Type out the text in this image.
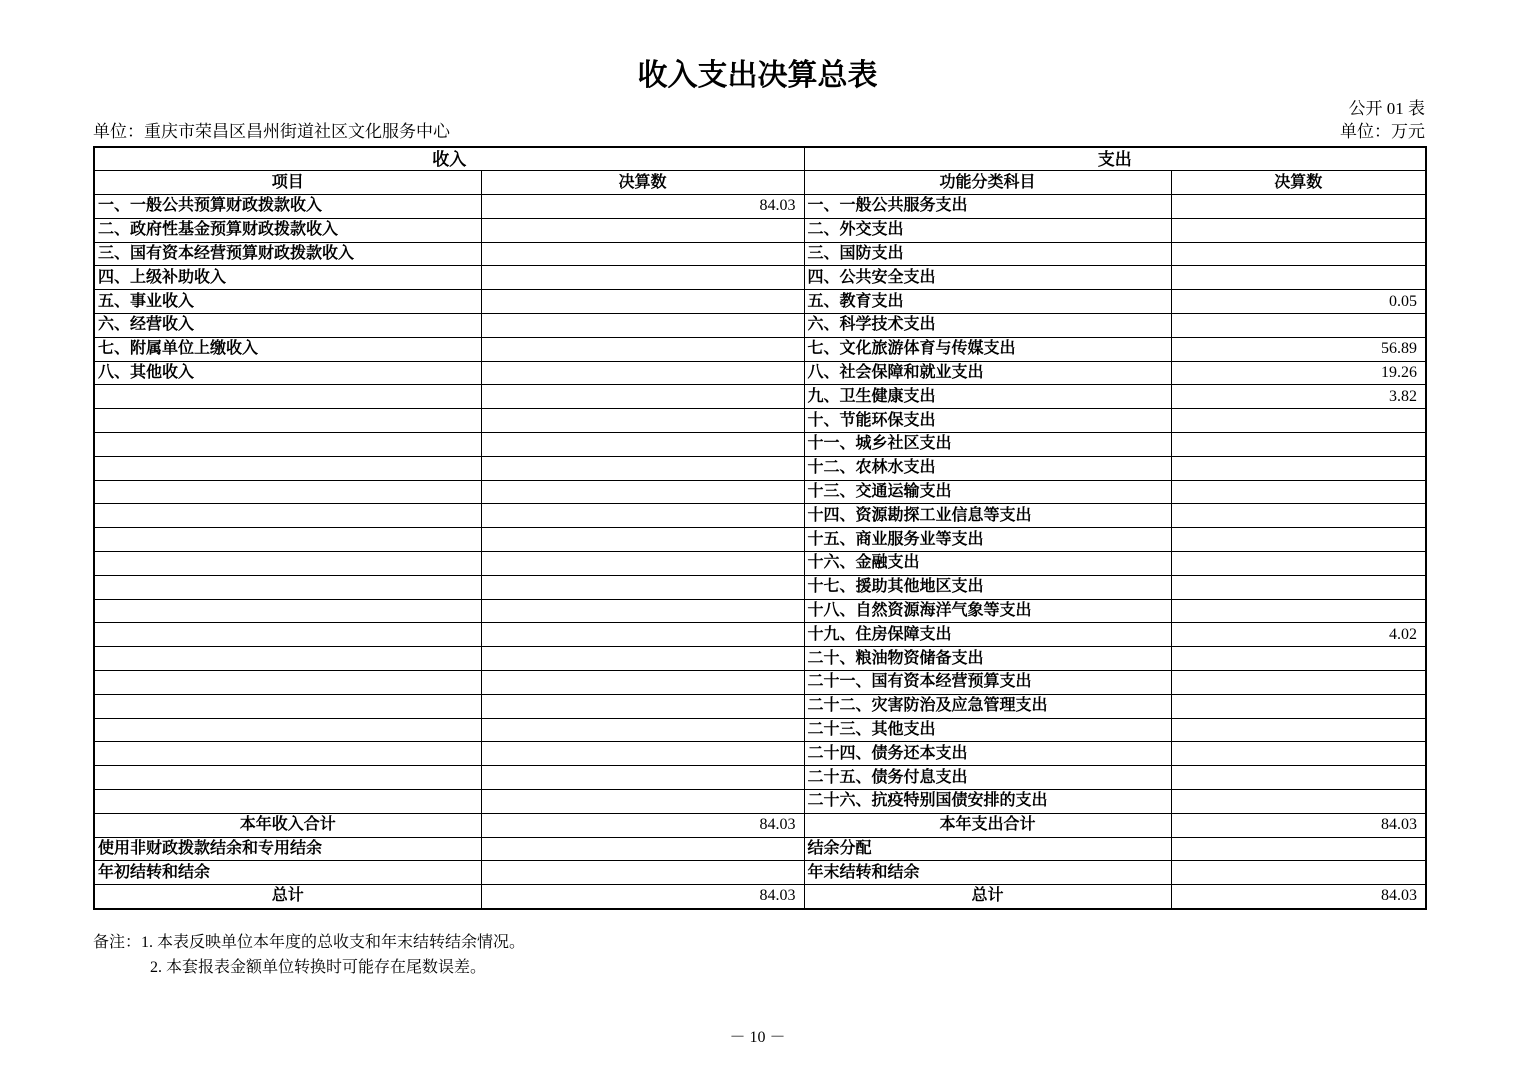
收入支出决算总表
公开 01 表
单位：重庆市荣昌区昌州街道社区文化服务中心	单位：万元
收入		支出	
项目	决算数	功能分类科目	决算数
一、一般公共预算财政拨款收入	84.03	一、一般公共服务支出	
二、政府性基金预算财政拨款收入		二、外交支出	
三、国有资本经营预算财政拨款收入		三、国防支出	
四、上级补助收入		四、公共安全支出	
五、事业收入		五、教育支出	0.05
六、经营收入		六、科学技术支出	
七、附属单位上缴收入		七、文化旅游体育与传媒支出	56.89
八、其他收入		八、社会保障和就业支出	19.26
		九、卫生健康支出	3.82
		十、节能环保支出	
		十一、城乡社区支出	
		十二、农林水支出	
		十三、交通运输支出	
		十四、资源勘探工业信息等支出	
		十五、商业服务业等支出	
		十六、金融支出	
		十七、援助其他地区支出	
		十八、自然资源海洋气象等支出	
		十九、住房保障支出	4.02
		二十、粮油物资储备支出	
		二十一、国有资本经营预算支出	
		二十二、灾害防治及应急管理支出	
		二十三、其他支出	
		二十四、债务还本支出	
		二十五、债务付息支出	
		二十六、抗疫特别国债安排的支出	
本年收入合计	84.03	本年支出合计	84.03
使用非财政拨款结余和专用结余		结余分配	
年初结转和结余		年末结转和结余	
总计	84.03	总计	84.03
备注：1. 本表反映单位本年度的总收支和年末结转结余情况。
2. 本套报表金额单位转换时可能存在尾数误差。
－ 10 －
